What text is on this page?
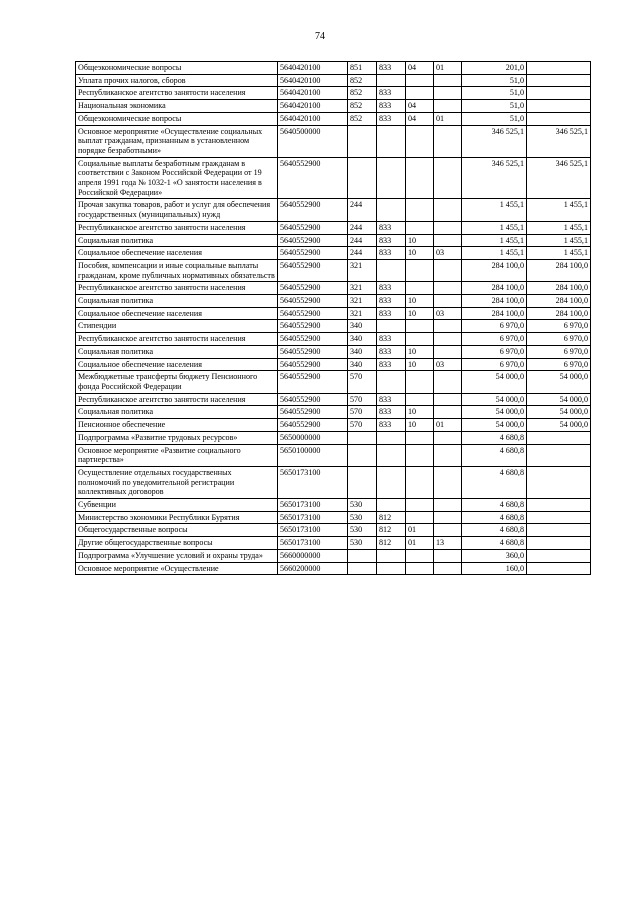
74
Общеэкономические вопросы	5640420100	851	833	04	01	201,0	
Уплата прочих налогов, сборов	5640420100	852				51,0	
Республиканское агентство занятости населения	5640420100	852	833			51,0	
Национальная экономика	5640420100	852	833	04		51,0	
Общеэкономические вопросы	5640420100	852	833	04	01	51,0	
Основное мероприятие «Осуществление социальных выплат гражданам, признанным в установленном порядке безработными»	5640500000					346 525,1	346 525,1
Социальные выплаты безработным гражданам в соответствии с Законом Российской Федерации от 19 апреля 1991 года № 1032-1 «О занятости населения в Российской Федерации»	5640552900					346 525,1	346 525,1
Прочая закупка товаров, работ и услуг для обеспечения государственных (муниципальных) нужд	5640552900	244				1 455,1	1 455,1
Республиканское агентство занятости населения	5640552900	244	833			1 455,1	1 455,1
Социальная политика	5640552900	244	833	10		1 455,1	1 455,1
Социальное обеспечение населения	5640552900	244	833	10	03	1 455,1	1 455,1
Пособия, компенсации и иные социальные выплаты гражданам, кроме публичных нормативных обязательств	5640552900	321				284 100,0	284 100,0
Республиканское агентство занятости населения	5640552900	321	833			284 100,0	284 100,0
Социальная политика	5640552900	321	833	10		284 100,0	284 100,0
Социальное обеспечение населения	5640552900	321	833	10	03	284 100,0	284 100,0
Стипендии	5640552900	340				6 970,0	6 970,0
Республиканское агентство занятости населения	5640552900	340	833			6 970,0	6 970,0
Социальная политика	5640552900	340	833	10		6 970,0	6 970,0
Социальное обеспечение населения	5640552900	340	833	10	03	6 970,0	6 970,0
Межбюджетные трансферты бюджету Пенсионного фонда Российской Федерации	5640552900	570				54 000,0	54 000,0
Республиканское агентство занятости населения	5640552900	570	833			54 000,0	54 000,0
Социальная политика	5640552900	570	833	10		54 000,0	54 000,0
Пенсионное обеспечение	5640552900	570	833	10	01	54 000,0	54 000,0
Подпрограмма «Развитие трудовых ресурсов»	5650000000					4 680,8	
Основное мероприятие «Развитие социального партнерства»	5650100000					4 680,8	
Осуществление отдельных государственных полномочий по уведомительной регистрации коллективных договоров	5650173100					4 680,8	
Субвенции	5650173100	530				4 680,8	
Министерство экономики Республики Бурятия	5650173100	530	812			4 680,8	
Общегосударственные вопросы	5650173100	530	812	01		4 680,8	
Другие общегосударственные вопросы	5650173100	530	812	01	13	4 680,8	
Подпрограмма «Улучшение условий и охраны труда»	5660000000					360,0	
Основное мероприятие «Осуществление	5660200000					160,0	
